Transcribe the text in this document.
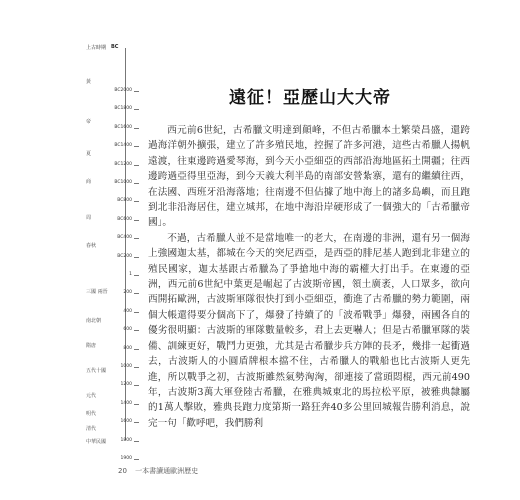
上古時期 BC
黃
帝
夏
商
周
春秋
三國 兩晉
南北朝
隋唐
五代十國
元代
明代
清代
中華民國
BC2000
BC1800
BC1600
BC1400
BC1200
BC1000
BC800
BC600
BC400
BC200
1
200
400
600
800
1000
1200
1400
1600
1800
1900
遠征！亞歷山大大帝

西元前6世紀，古希臘文明達到顛峰，不但古希臘本土繁榮昌盛，還跨過海洋朝外擴張，建立了許多殖民地，控握了許多河港，這些古希臘人揚帆遠渡，往東邊跨過愛琴海，到今天小亞細亞的西部沿海地區拓土開疆；往西邊跨過亞得里亞海，到今天義大利半島的南部安營紮寨，還有的繼續往西，在法國、西班牙沿海落地；往南邊不但佔據了地中海上的諸多島嶼，而且跑到北非沿海居住，建立城邦，在地中海沿岸硬形成了一個強大的「古希臘帝國」。

不過，古希臘人並不是當地唯一的老大，在南邊的非洲，還有另一個海上強國迦太基，都城在今天的突尼西亞，是西亞的腓尼基人跑到北非建立的殖民國家，迦太基跟古希臘為了爭搶地中海的霸權大打出手。在東邊的亞洲，西元前6世紀中葉更是崛起了古波斯帝國，領土廣袤，人口眾多，欲向西開拓歐洲，古波斯軍隊很快打到小亞細亞，衝進了古希臘的勢力範圍，兩個大帳還得要分個高下了，爆發了持續了的「波希戰爭」爆發，兩國各自的優劣很明顯：古波斯的軍隊數量較多，君上去更嚇人；但是古希臘軍隊的裝備、訓練更好，戰鬥力更強，尤其是古希臘步兵方陣的長矛，幾排一起衝過去，古波斯人的小圓盾牌根本擋不住，古希臘人的戰船也比古波斯人更先進，所以戰爭之初，古波斯雖然氣勢洶洶，卻連接了當頭悶棍，西元前490年，古波斯3萬大軍登陸古希臘，在雅典城東北的馬拉松平原，被雅典隸屬的1萬人擊敗，雅典長跑力度第斯一路狂奔40多公里回城報告勝利消息，說完一句「歡呼吧，我們勝利

20 一本書讀通歐洲歷史
